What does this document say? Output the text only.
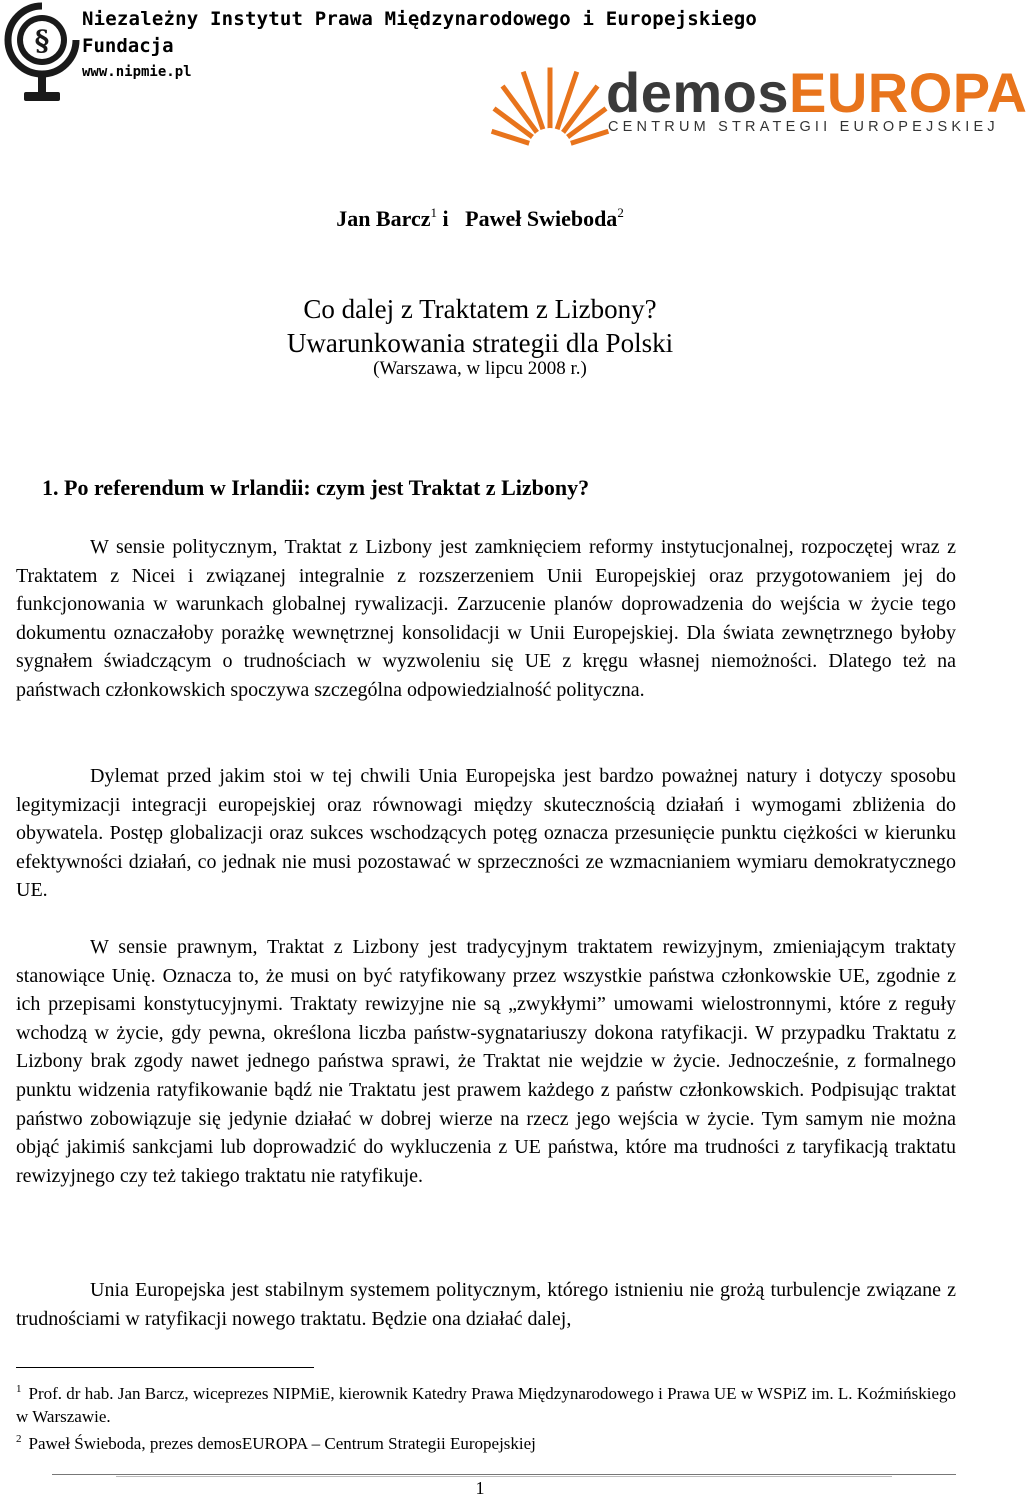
§
Niezależny Instytut Prawa Międzynarodowego i Europejskiego
Fundacja
www.nipmie.pl	demosEUROPA
CENTRUM STRATEGII EUROPEJSKIEJ
Jan Barcz$^1$ i Paweł Swieboda$^2$
Co dalej z Traktatem z Lizbony?
Uwarunkowania strategii dla Polski
(Warszawa, w lipcu 2008 r.)
1. Po referendum w Irlandii: czym jest Traktat z Lizbony?

W sensie politycznym, Traktat z Lizbony jest zamknięciem reformy instytucjonalnej, rozpoczętej wraz z Traktatem z Nicei i związanej integralnie z rozszerzeniem Unii Europejskiej oraz przygotowaniem jej do funkcjonowania w warunkach globalnej rywalizacji. Zarzucenie planów doprowadzenia do wejścia w życie tego dokumentu oznaczałoby porażkę wewnętrznej konsolidacji w Unii Europejskiej. Dla świata zewnętrznego byłoby sygnałem świadczącym o trudnościach w wyzwoleniu się UE z kręgu własnej niemożności. Dlatego też na państwach członkowskich spoczywa szczególna odpowiedzialność polityczna.

Dylemat przed jakim stoi w tej chwili Unia Europejska jest bardzo poważnej natury i dotyczy sposobu legitymizacji integracji europejskiej oraz równowagi między skutecznością działań i wymogami zbliżenia do obywatela. Postęp globalizacji oraz sukces wschodzących potęg oznacza przesunięcie punktu ciężkości w kierunku efektywności działań, co jednak nie musi pozostawać w sprzeczności ze wzmacnianiem wymiaru demokratycznego UE.

W sensie prawnym, Traktat z Lizbony jest tradycyjnym traktatem rewizyjnym, zmieniającym traktaty stanowiące Unię. Oznacza to, że musi on być ratyfikowany przez wszystkie państwa członkowskie UE, zgodnie z ich przepisami konstytucyjnymi. Traktaty rewizyjne nie są „zwykłymi” umowami wielostronnymi, które z reguły wchodzą w życie, gdy pewna, określona liczba państw-sygnatariuszy dokona ratyfikacji. W przypadku Traktatu z Lizbony brak zgody nawet jednego państwa sprawi, że Traktat nie wejdzie w życie. Jednocześnie, z formalnego punktu widzenia ratyfikowanie bądź nie Traktatu jest prawem każdego z państw członkowskich. Podpisując traktat państwo zobowiązuje się jedynie działać w dobrej wierze na rzecz jego wejścia w życie. Tym samym nie można objąć jakimiś sankcjami lub doprowadzić do wykluczenia z UE państwa, które ma trudności z taryfikacją traktatu rewizyjnego czy też takiego traktatu nie ratyfikuje.

Unia Europejska jest stabilnym systemem politycznym, którego istnieniu nie grożą turbulencje związane z trudnościami w ratyfikacji nowego traktatu. Będzie ona działać dalej,

$^1$ Prof. dr hab. Jan Barcz, wiceprezes NIPMiE, kierownik Katedry Prawa Międzynarodowego i Prawa UE w WSPiZ im. L. Koźmińskiego w Warszawie.
$^2$ Paweł Świeboda, prezes demosEUROPA – Centrum Strategii Europejskiej
1
